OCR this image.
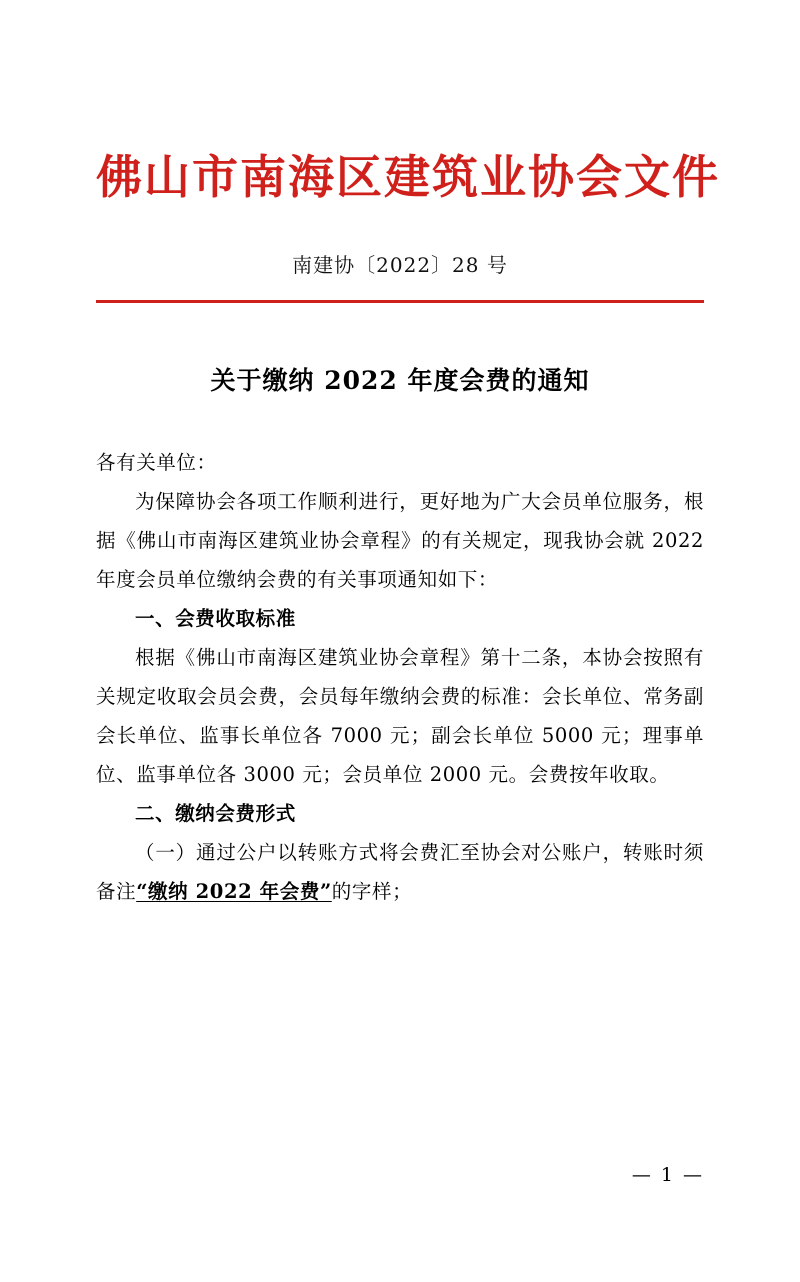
佛山市南海区建筑业协会文件
南建协〔2022〕28 号
关于缴纳 2022 年度会费的通知

各有关单位：

为保障协会各项工作顺利进行，更好地为广大会员单位服务，根据《佛山市南海区建筑业协会章程》的有关规定，现我协会就 2022 年度会员单位缴纳会费的有关事项通知如下：

一、会费收取标准

根据《佛山市南海区建筑业协会章程》第十二条，本协会按照有关规定收取会员会费，会员每年缴纳会费的标准：会长单位、常务副会长单位、监事长单位各 7000 元；副会长单位 5000 元；理事单位、监事单位各 3000 元；会员单位 2000 元。会费按年收取。

二、缴纳会费形式

（一）通过公户以转账方式将会费汇至协会对公账户，转账时须备注“缴纳 2022 年会费”的字样；

— 1 —
